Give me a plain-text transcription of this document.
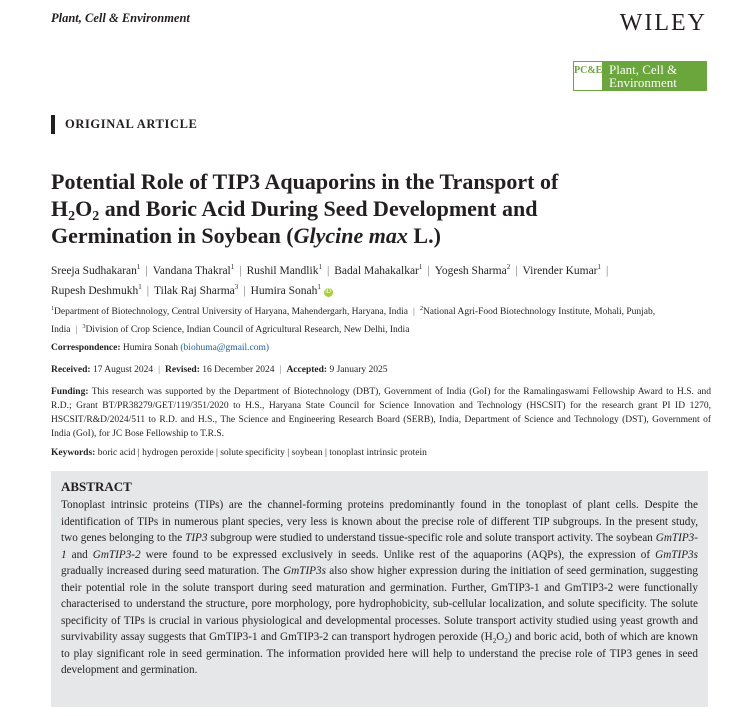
Plant, Cell & Environment	WILEY
PC&E Plant, Cell &
Environment
ORIGINAL ARTICLE
Potential Role of TIP3 Aquaporins in the Transport of
$H_2O_2$ and Boric Acid During Seed Development and
Germination in Soybean (Glycine max L.)
Sreeja Sudhakaran$^1$ | Vandana Thakral$^1$ | Rushil Mandlik$^1$ | Badal Mahakalkar$^1$ | Yogesh Sharma$^2$ | Virender Kumar$^1$ |
Rupesh Deshmukh$^1$ | Tilak Raj Sharma$^3$ | Humira Sonah$^1$ iD
$^1$Department of Biotechnology, Central University of Haryana, Mahendergarh, Haryana, India | $^2$National Agri-Food Biotechnology Institute, Mohali, Punjab,
India | $^3$Division of Crop Science, Indian Council of Agricultural Research, New Delhi, India
Correspondence: Humira Sonah (biohuma@gmail.com)
Received: 17 August 2024 | Revised: 16 December 2024 | Accepted: 9 January 2025
Funding: This research was supported by the Department of Biotechnology (DBT), Government of India (GoI) for the Ramalingaswami Fellowship Award to H.S. and R.D.; Grant BT/PR38279/GET/119/351/2020 to H.S., Haryana State Council for Science Innovation and Technology (HSCSIT) for the research grant PI ID 1270, HSCSIT/R&D/2024/511 to R.D. and H.S., The Science and Engineering Research Board (SERB), India, Department of Science and Technology (DST), Government of India (GoI), for JC Bose Fellowship to T.R.S.
Keywords: boric acid | hydrogen peroxide | solute specificity | soybean | tonoplast intrinsic protein
ABSTRACT
Tonoplast intrinsic proteins (TIPs) are the channel-forming proteins predominantly found in the tonoplast of plant cells. Despite the identification of TIPs in numerous plant species, very less is known about the precise role of different TIP subgroups. In the present study, two genes belonging to the TIP3 subgroup were studied to understand tissue-specific role and solute transport activity. The soybean GmTIP3-1 and GmTIP3-2 were found to be expressed exclusively in seeds. Unlike rest of the aquaporins (AQPs), the expression of GmTIP3s gradually increased during seed maturation. The GmTIP3s also show higher expression during the initiation of seed germination, suggesting their potential role in the solute transport during seed maturation and germination. Further, GmTIP3-1 and GmTIP3-2 were functionally characterised to understand the structure, pore morphology, pore hydrophobicity, sub-cellular localization, and solute specificity. The solute specificity of TIPs is crucial in various physiological and developmental processes. Solute transport activity studied using yeast growth and survivability assay suggests that GmTIP3-1 and GmTIP3-2 can transport hydrogen peroxide $(H_2O_2)$ and boric acid, both of which are known to play significant role in seed germination. The information provided here will help to understand the precise role of TIP3 genes in seed development and germination.
